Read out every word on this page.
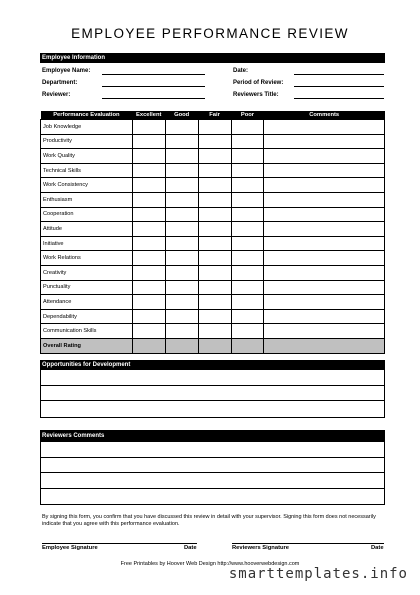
EMPLOYEE PERFORMANCE REVIEW
Employee Information
Employee Name:	Date:
Department:	Period of Review:
Reviewer:	Reviewers Title:
Performance Evaluation	Excellent	Good	Fair	Poor	Comments
Job Knowledge					
Productivity					
Work Quality					
Technical Skills					
Work Consistency					
Enthusiasm					
Cooperation					
Attitude					
Initiative					
Work Relations					
Creativity					
Punctuality					
Attendance					
Dependability					
Communication Skills					
Overall Rating					
Opportunities for Development
Reviewers Comments
By signing this form, you confirm that you have discussed this review in detail with your supervisor. Signing this form does not necessarily indicate that you agree with this performance evaluation.
Employee Signature	Date	Reviewers Signature	Date
Free Printables by Hoover Web Design http://www.hooverwebdesign.com
smarttemplates.info
